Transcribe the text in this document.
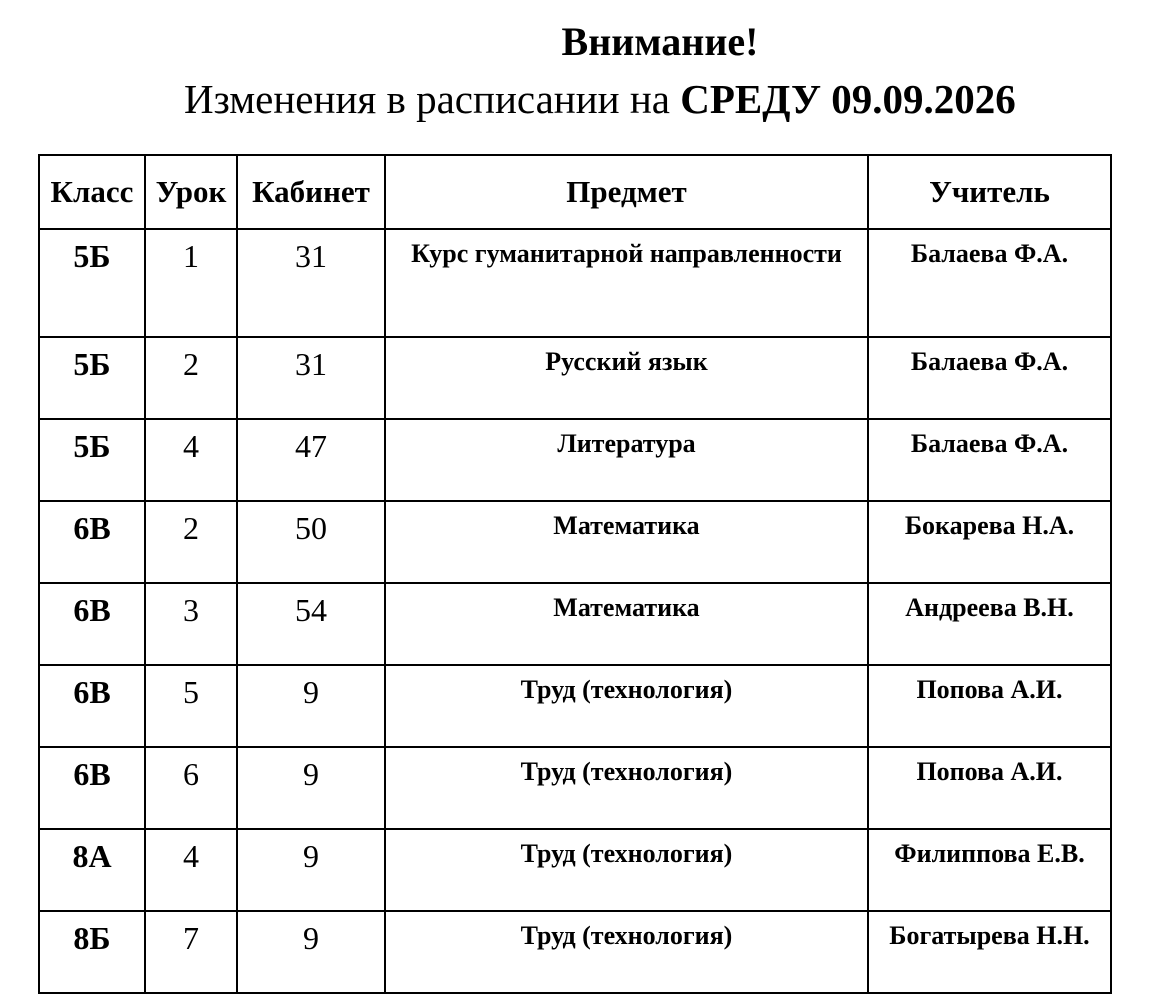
Внимание!
Изменения в расписании на СРЕДУ 09.09.2026
Класс	Урок	Кабинет	Предмет	Учитель
5Б	1	31	Курс гуманитарной направленности	Балаева Ф.А.
5Б	2	31	Русский язык	Балаева Ф.А.
5Б	4	47	Литература	Балаева Ф.А.
6В	2	50	Математика	Бокарева Н.А.
6В	3	54	Математика	Андреева В.Н.
6В	5	9	Труд (технология)	Попова А.И.
6В	6	9	Труд (технология)	Попова А.И.
8А	4	9	Труд (технология)	Филиппова Е.В.
8Б	7	9	Труд (технология)	Богатырева Н.Н.
